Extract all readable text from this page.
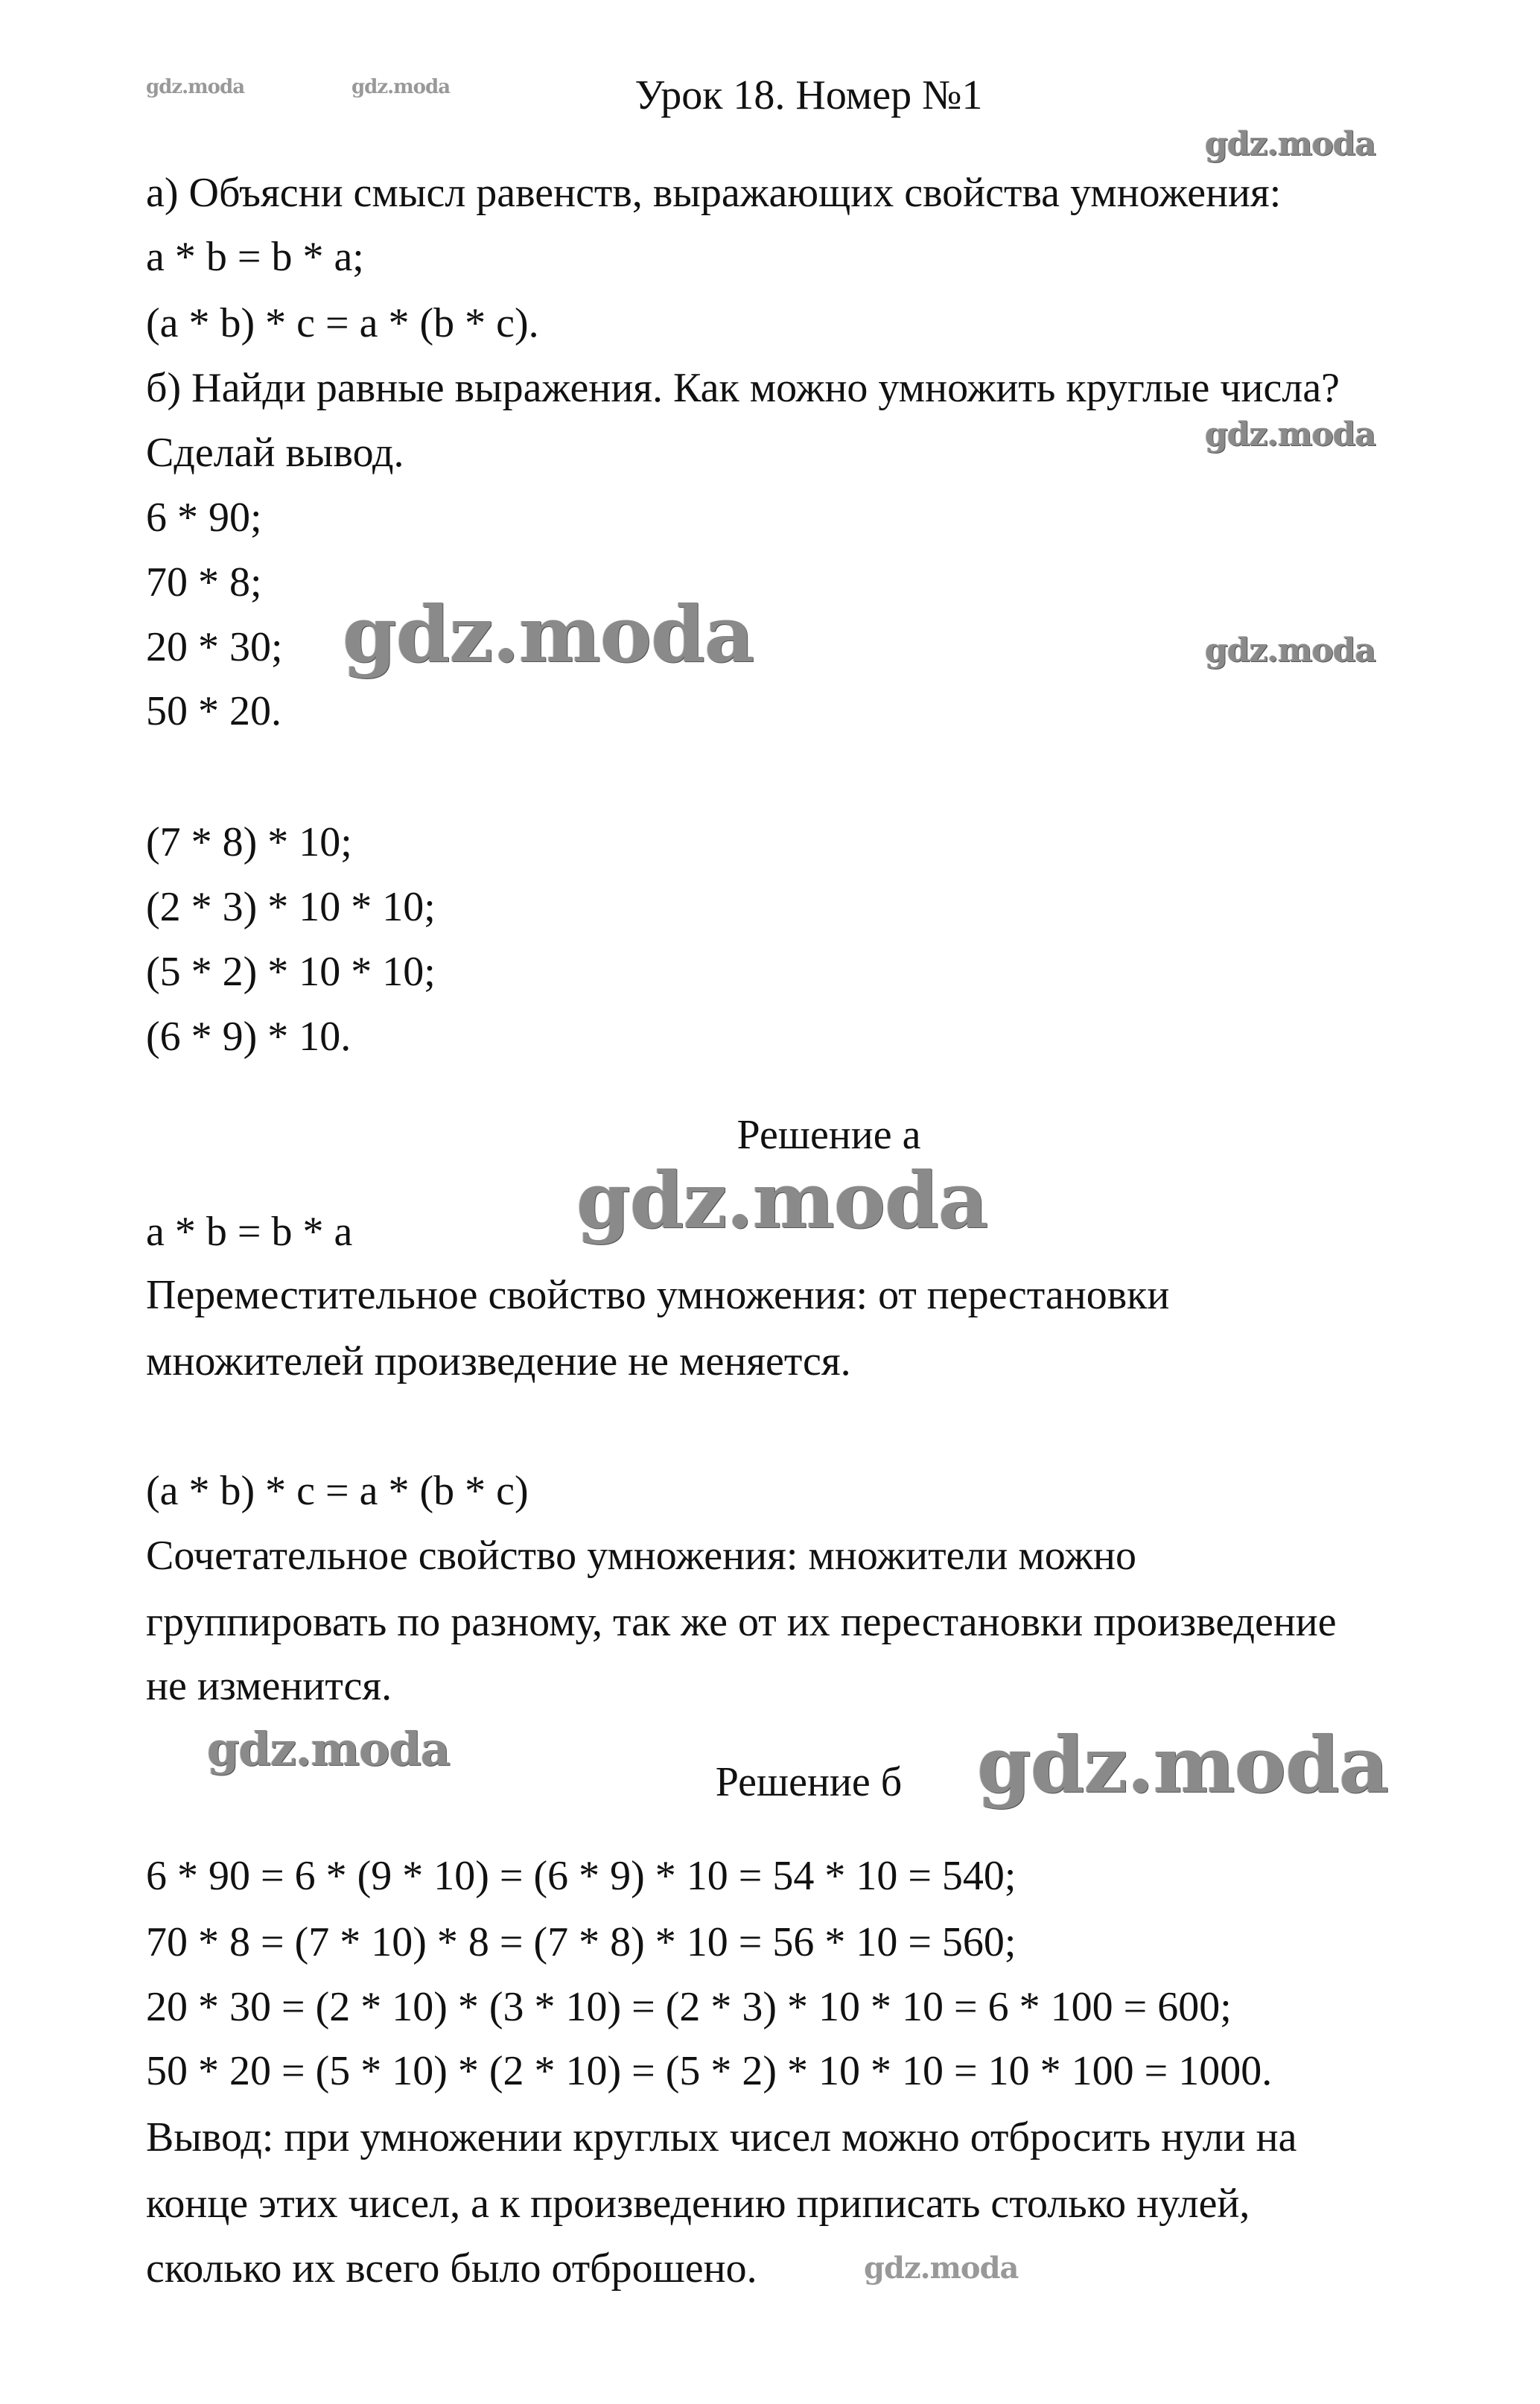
Урок 18. Номер №1
а) Объясни смысл равенств, выражающих свойства умножения:
a * b = b * a;
(a * b) * c = a * (b * c).
б) Найди равные выражения. Как можно умножить круглые числа?
Сделай вывод.
6 * 90;
70 * 8;
20 * 30;
50 * 20.
(7 * 8) * 10;
(2 * 3) * 10 * 10;
(5 * 2) * 10 * 10;
(6 * 9) * 10.
Решение а
a * b = b * a
Переместительное свойство умножения: от перестановки
множителей произведение не меняется.
(a * b) * c = a * (b * c)
Сочетательное свойство умножения: множители можно
группировать по разному, так же от их перестановки произведение
не изменится.
Решение б
6 * 90 = 6 * (9 * 10) = (6 * 9) * 10 = 54 * 10 = 540;
70 * 8 = (7 * 10) * 8 = (7 * 8) * 10 = 56 * 10 = 560;
20 * 30 = (2 * 10) * (3 * 10) = (2 * 3) * 10 * 10 = 6 * 100 = 600;
50 * 20 = (5 * 10) * (2 * 10) = (5 * 2) * 10 * 10 = 10 * 100 = 1000.
Вывод: при умножении круглых чисел можно отбросить нули на
конце этих чисел, а к произведению приписать столько нулей,
сколько их всего было отброшено.
gdz.moda	gdz.moda
gdz.moda
gdz.moda
gdz.moda	gdz.moda
gdz.moda
gdz.moda	gdz.moda
gdz.moda
